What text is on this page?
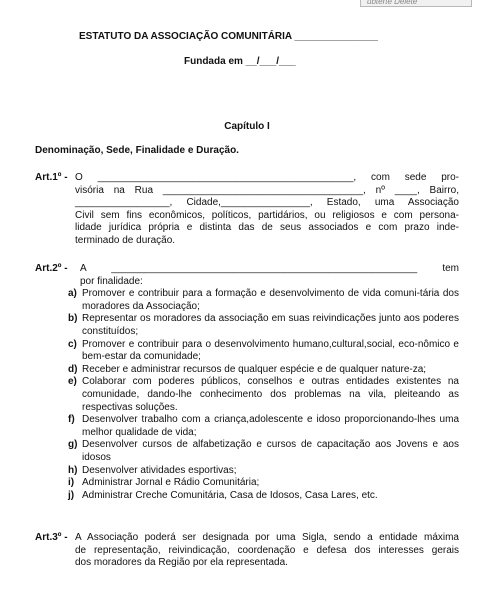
ubterte Delete
ESTATUTO DA ASSOCIAÇÃO COMUNITÁRIA _______________
Fundada em __/___/___
Capítulo I
Denominação, Sede, Finalidade e Duração.
Art.1º - O ______________________________________________, com sede pro-
visória na Rua ____________________________________, nº ____, Bairro,
_________________, Cidade,________________, Estado, uma Associação
Civil sem fins econômicos, políticos, partidários, ou religiosos e com persona-
lidade jurídica própria e distinta das de seus associados e com prazo inde-
terminado de duração.
Art.2º - A _______________________________________________________ tem
por finalidade:
a) Promover e contribuir para a formação e desenvolvimento de vida comuni-tária dos moradores da Associação;
b) Representar os moradores da associação em suas reivindicações junto aos poderes constituídos;
c) Promover e contribuir para o desenvolvimento humano,cultural,social, eco-nômico e bem-estar da comunidade;
d) Receber e administrar recursos de qualquer espécie e de qualquer nature-za;
e) Colaborar com poderes públicos, conselhos e outras entidades existentes na comunidade, dando-lhe conhecimento dos problemas na vila, pleiteando as respectivas soluções.
f) Desenvolver trabalho com a criança,adolescente e idoso proporcionando-lhes uma melhor qualidade de vida;
g) Desenvolver cursos de alfabetização e cursos de capacitação aos Jovens e aos idosos
h) Desenvolver atividades esportivas;
i) Administrar Jornal e Rádio Comunitária;
j) Administrar Creche Comunitária, Casa de Idosos, Casa Lares, etc.
Art.3º - A Associação poderá ser designada por uma Sigla, sendo a entidade máxima
de representação, reivindicação, coordenação e defesa dos interesses gerais
dos moradores da Região por ela representada.
